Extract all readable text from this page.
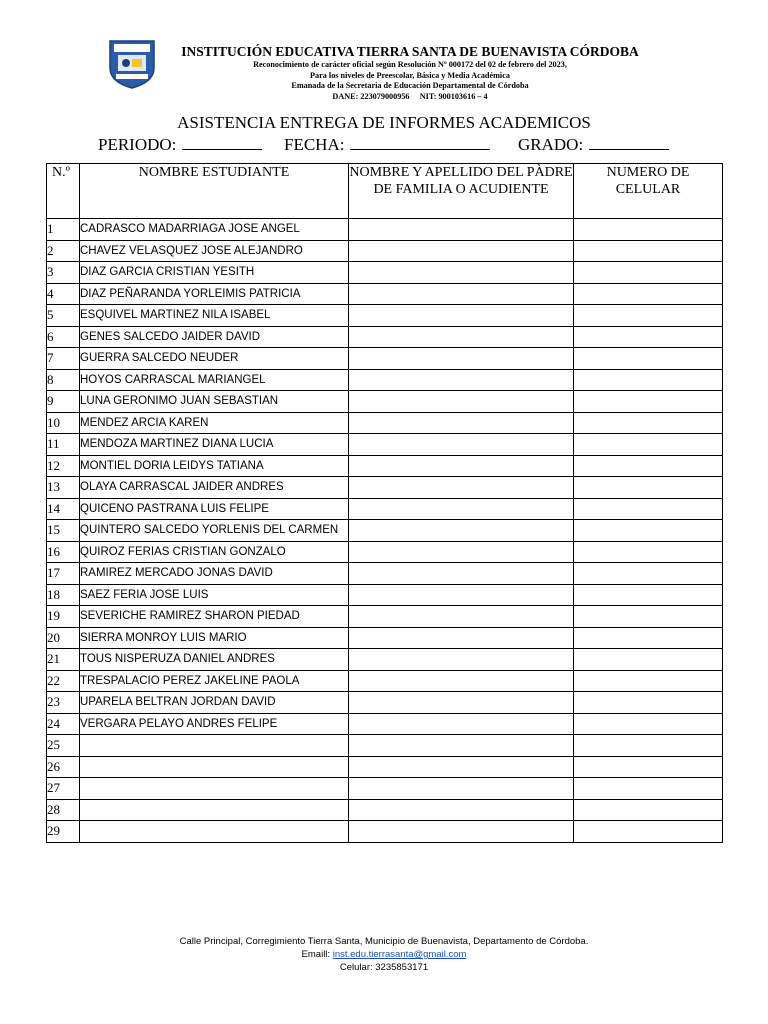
INSTITUCIÓN EDUCATIVA TIERRA SANTA DE BUENAVISTA CÓRDOBA
Reconocimiento de carácter oficial según Resolución Nº 000172 del 02 de febrero del 2023,
Para los niveles de Preescolar, Básica y Media Académica
Emanada de la Secretaria de Educación Departamental de Córdoba
DANE: 223079000956     NIT: 900103616 – 4
ASISTENCIA ENTREGA DE INFORMES ACADEMICOS
PERIODO:	FECHA:	GRADO:
N.º	NOMBRE ESTUDIANTE	NOMBRE Y APELLIDO DEL PÀDRE DE FAMILIA O ACUDIENTE	NUMERO DE CELULAR
1	CADRASCO MADARRIAGA JOSE ANGEL		
2	CHAVEZ VELASQUEZ JOSE ALEJANDRO		
3	DIAZ GARCIA CRISTIAN YESITH		
4	DIAZ PEÑARANDA YORLEIMIS PATRICIA		
5	ESQUIVEL MARTINEZ NILA ISABEL		
6	GENES SALCEDO JAIDER DAVID		
7	GUERRA SALCEDO NEUDER		
8	HOYOS CARRASCAL MARIANGEL		
9	LUNA GERONIMO JUAN SEBASTIAN		
10	MENDEZ ARCIA KAREN		
11	MENDOZA MARTINEZ DIANA LUCIA		
12	MONTIEL DORIA LEIDYS TATIANA		
13	OLAYA CARRASCAL JAIDER ANDRES		
14	QUICENO PASTRANA LUIS FELIPE		
15	QUINTERO SALCEDO YORLENIS DEL CARMEN		
16	QUIROZ FERIAS CRISTIAN GONZALO		
17	RAMIREZ MERCADO JONAS DAVID		
18	SAEZ FERIA JOSE LUIS		
19	SEVERICHE RAMIREZ SHARON PIEDAD		
20	SIERRA MONROY LUIS MARIO		
21	TOUS NISPERUZA DANIEL ANDRES		
22	TRESPALACIO PEREZ JAKELINE PAOLA		
23	UPARELA BELTRAN JORDAN DAVID		
24	VERGARA PELAYO ANDRES FELIPE		
25			
26			
27			
28			
29			
Calle Principal, Corregimiento Tierra Santa, Municipio de Buenavista, Departamento de Córdoba.
Emaill: inst.edu.tierrasanta@gmail.com
Celular: 3235853171
